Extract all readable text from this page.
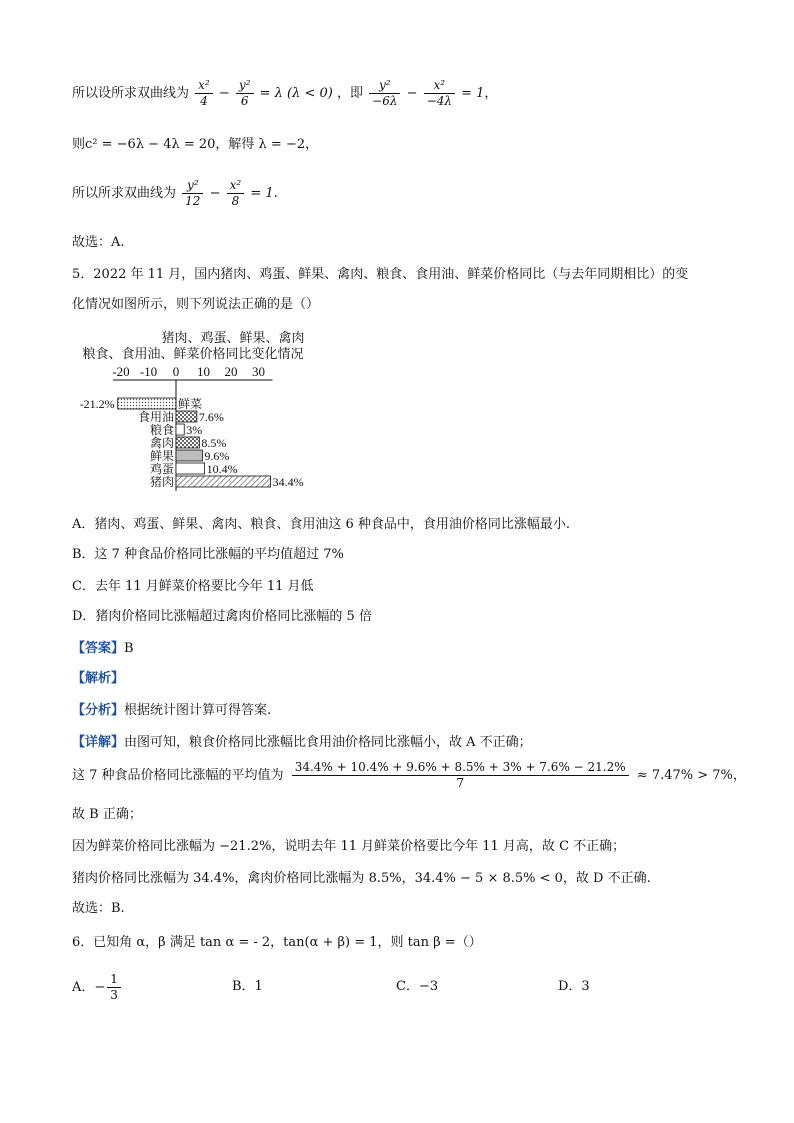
所以设所求双曲线为 $\frac{\text{x²}}{4} - \frac{\text{y²}}{6} = \lambda$ (λ < 0) ，即 $\frac{\text{y²}}{-6\lambda} - \frac{\text{x²}}{-4\lambda} = 1$，
则c² = −6λ − 4λ = 20，解得 λ = −2，
所以所求双曲线为 $\frac{\text{y²}}{12} - \frac{\text{x²}}{8} = 1$.
故选：A.
5．2022 年 11 月，国内猪肉、鸡蛋、鲜果、禽肉、粮食、食用油、鲜菜价格同比（与去年同期相比）的变
化情况如图所示，则下列说法正确的是（）
猪肉、鸡蛋、鲜果、禽肉
粮食、食用油、鲜菜价格同比变化情况
-20 -10 0 10 20 30
鲜菜
-21.2%
食用油 7.6%
粮食 3%
禽肉 8.5%
鲜果	9.6%
鸡蛋	10.4%
猪肉	34.4%
A．猪肉、鸡蛋、鲜果、禽肉、粮食、食用油这 6 种食品中，食用油价格同比涨幅最小.
B．这 7 种食品价格同比涨幅的平均值超过 7%
C．去年 11 月鲜菜价格要比今年 11 月低
D．猪肉价格同比涨幅超过禽肉价格同比涨幅的 5 倍
【答案】B
【解析】
【分析】根据统计图计算可得答案.
【详解】由图可知，粮食价格同比涨幅比食用油价格同比涨幅小，故 A 不正确；
这 7 种食品价格同比涨幅的平均值为 $\frac{34.4\% + 10.4\% + 9.6\% + 8.5\% + 3\% + 7.6\% - 21.2\%}{7} \approx 7.47\% > 7\%$，
故 B 正确；
因为鲜菜价格同比涨幅为 −21.2%，说明去年 11 月鲜菜价格要比今年 11 月高，故 C 不正确；
猪肉价格同比涨幅为 34.4%，禽肉价格同比涨幅为 8.5%，34.4% − 5 × 8.5% < 0，故 D 不正确.
故选：B.
6．已知角 α，β 满足 tan α = - 2，tan(α + β) = 1，则 tan β =（）
A．− $\frac{1}{3}$	B．1	C．−3	D．3
